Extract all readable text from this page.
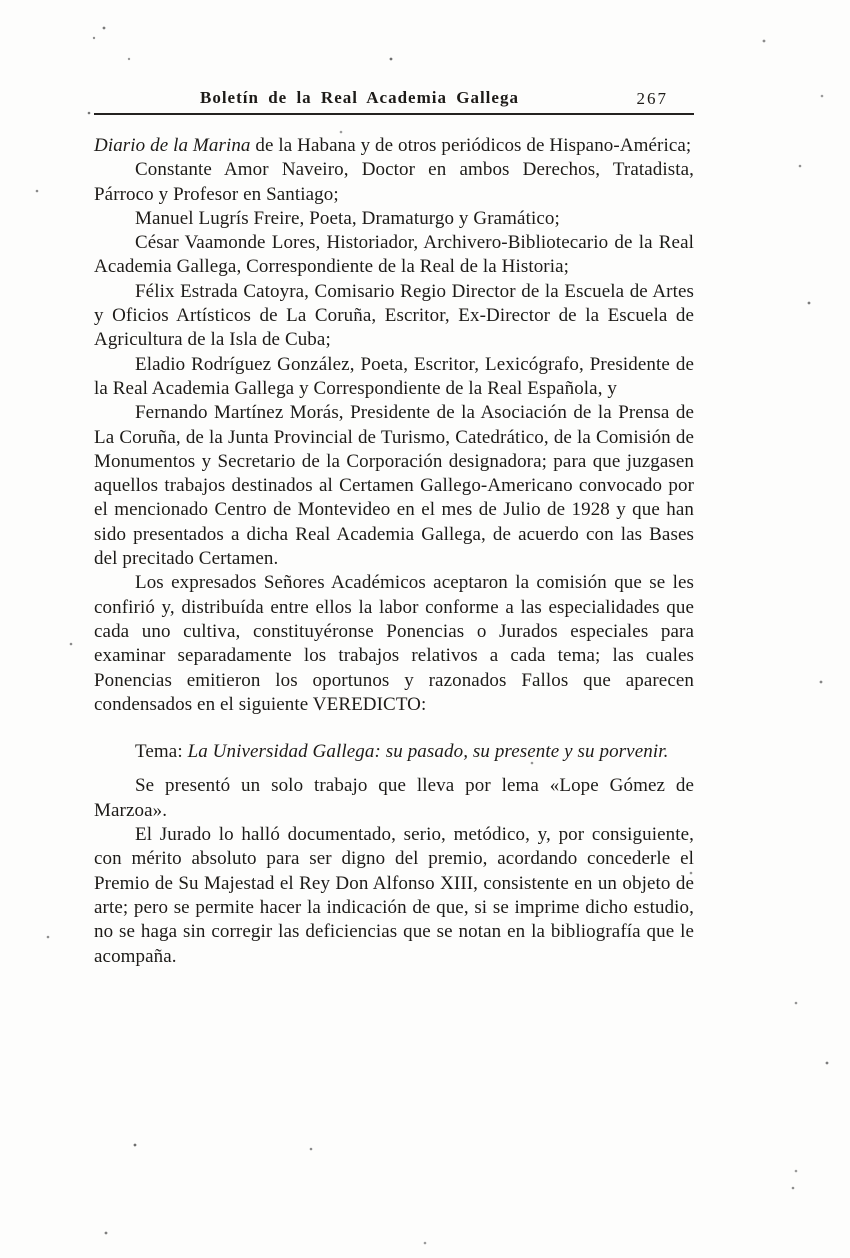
Boletín de la Real Academia Gallega	267

Diario de la Marina de la Habana y de otros periódicos de Hispano-América;

Constante Amor Naveiro, Doctor en ambos Derechos, Tratadista, Párroco y Profesor en Santiago;

Manuel Lugrís Freire, Poeta, Dramaturgo y Gramático;

César Vaamonde Lores, Historiador, Archivero-Bibliotecario de la Real Academia Gallega, Correspondiente de la Real de la Historia;

Félix Estrada Catoyra, Comisario Regio Director de la Escuela de Artes y Oficios Artísticos de La Coruña, Escritor, Ex-Director de la Escuela de Agricultura de la Isla de Cuba;

Eladio Rodríguez González, Poeta, Escritor, Lexicógrafo, Presidente de la Real Academia Gallega y Correspondiente de la Real Española, y

Fernando Martínez Morás, Presidente de la Asociación de la Prensa de La Coruña, de la Junta Provincial de Turismo, Catedrático, de la Comisión de Monumentos y Secretario de la Corporación designadora; para que juzgasen aquellos trabajos destinados al Certamen Gallego-Americano convocado por el mencionado Centro de Montevideo en el mes de Julio de 1928 y que han sido presentados a dicha Real Academia Gallega, de acuerdo con las Bases del precitado Certamen.

Los expresados Señores Académicos aceptaron la comisión que se les confirió y, distribuída entre ellos la labor conforme a las especialidades que cada uno cultiva, constituyéronse Ponencias o Jurados especiales para examinar separadamente los trabajos relativos a cada tema; las cuales Ponencias emitieron los oportunos y razonados Fallos que aparecen condensados en el siguiente VEREDICTO:

Tema: La Universidad Gallega: su pasado, su presente y su porvenir.

Se presentó un solo trabajo que lleva por lema «Lope Gómez de Marzoa».

El Jurado lo halló documentado, serio, metódico, y, por consiguiente, con mérito absoluto para ser digno del premio, acordando concederle el Premio de Su Majestad el Rey Don Alfonso XIII, consistente en un objeto de arte; pero se permite hacer la indicación de que, si se imprime dicho estudio, no se haga sin corregir las deficiencias que se notan en la bibliografía que le acompaña.
